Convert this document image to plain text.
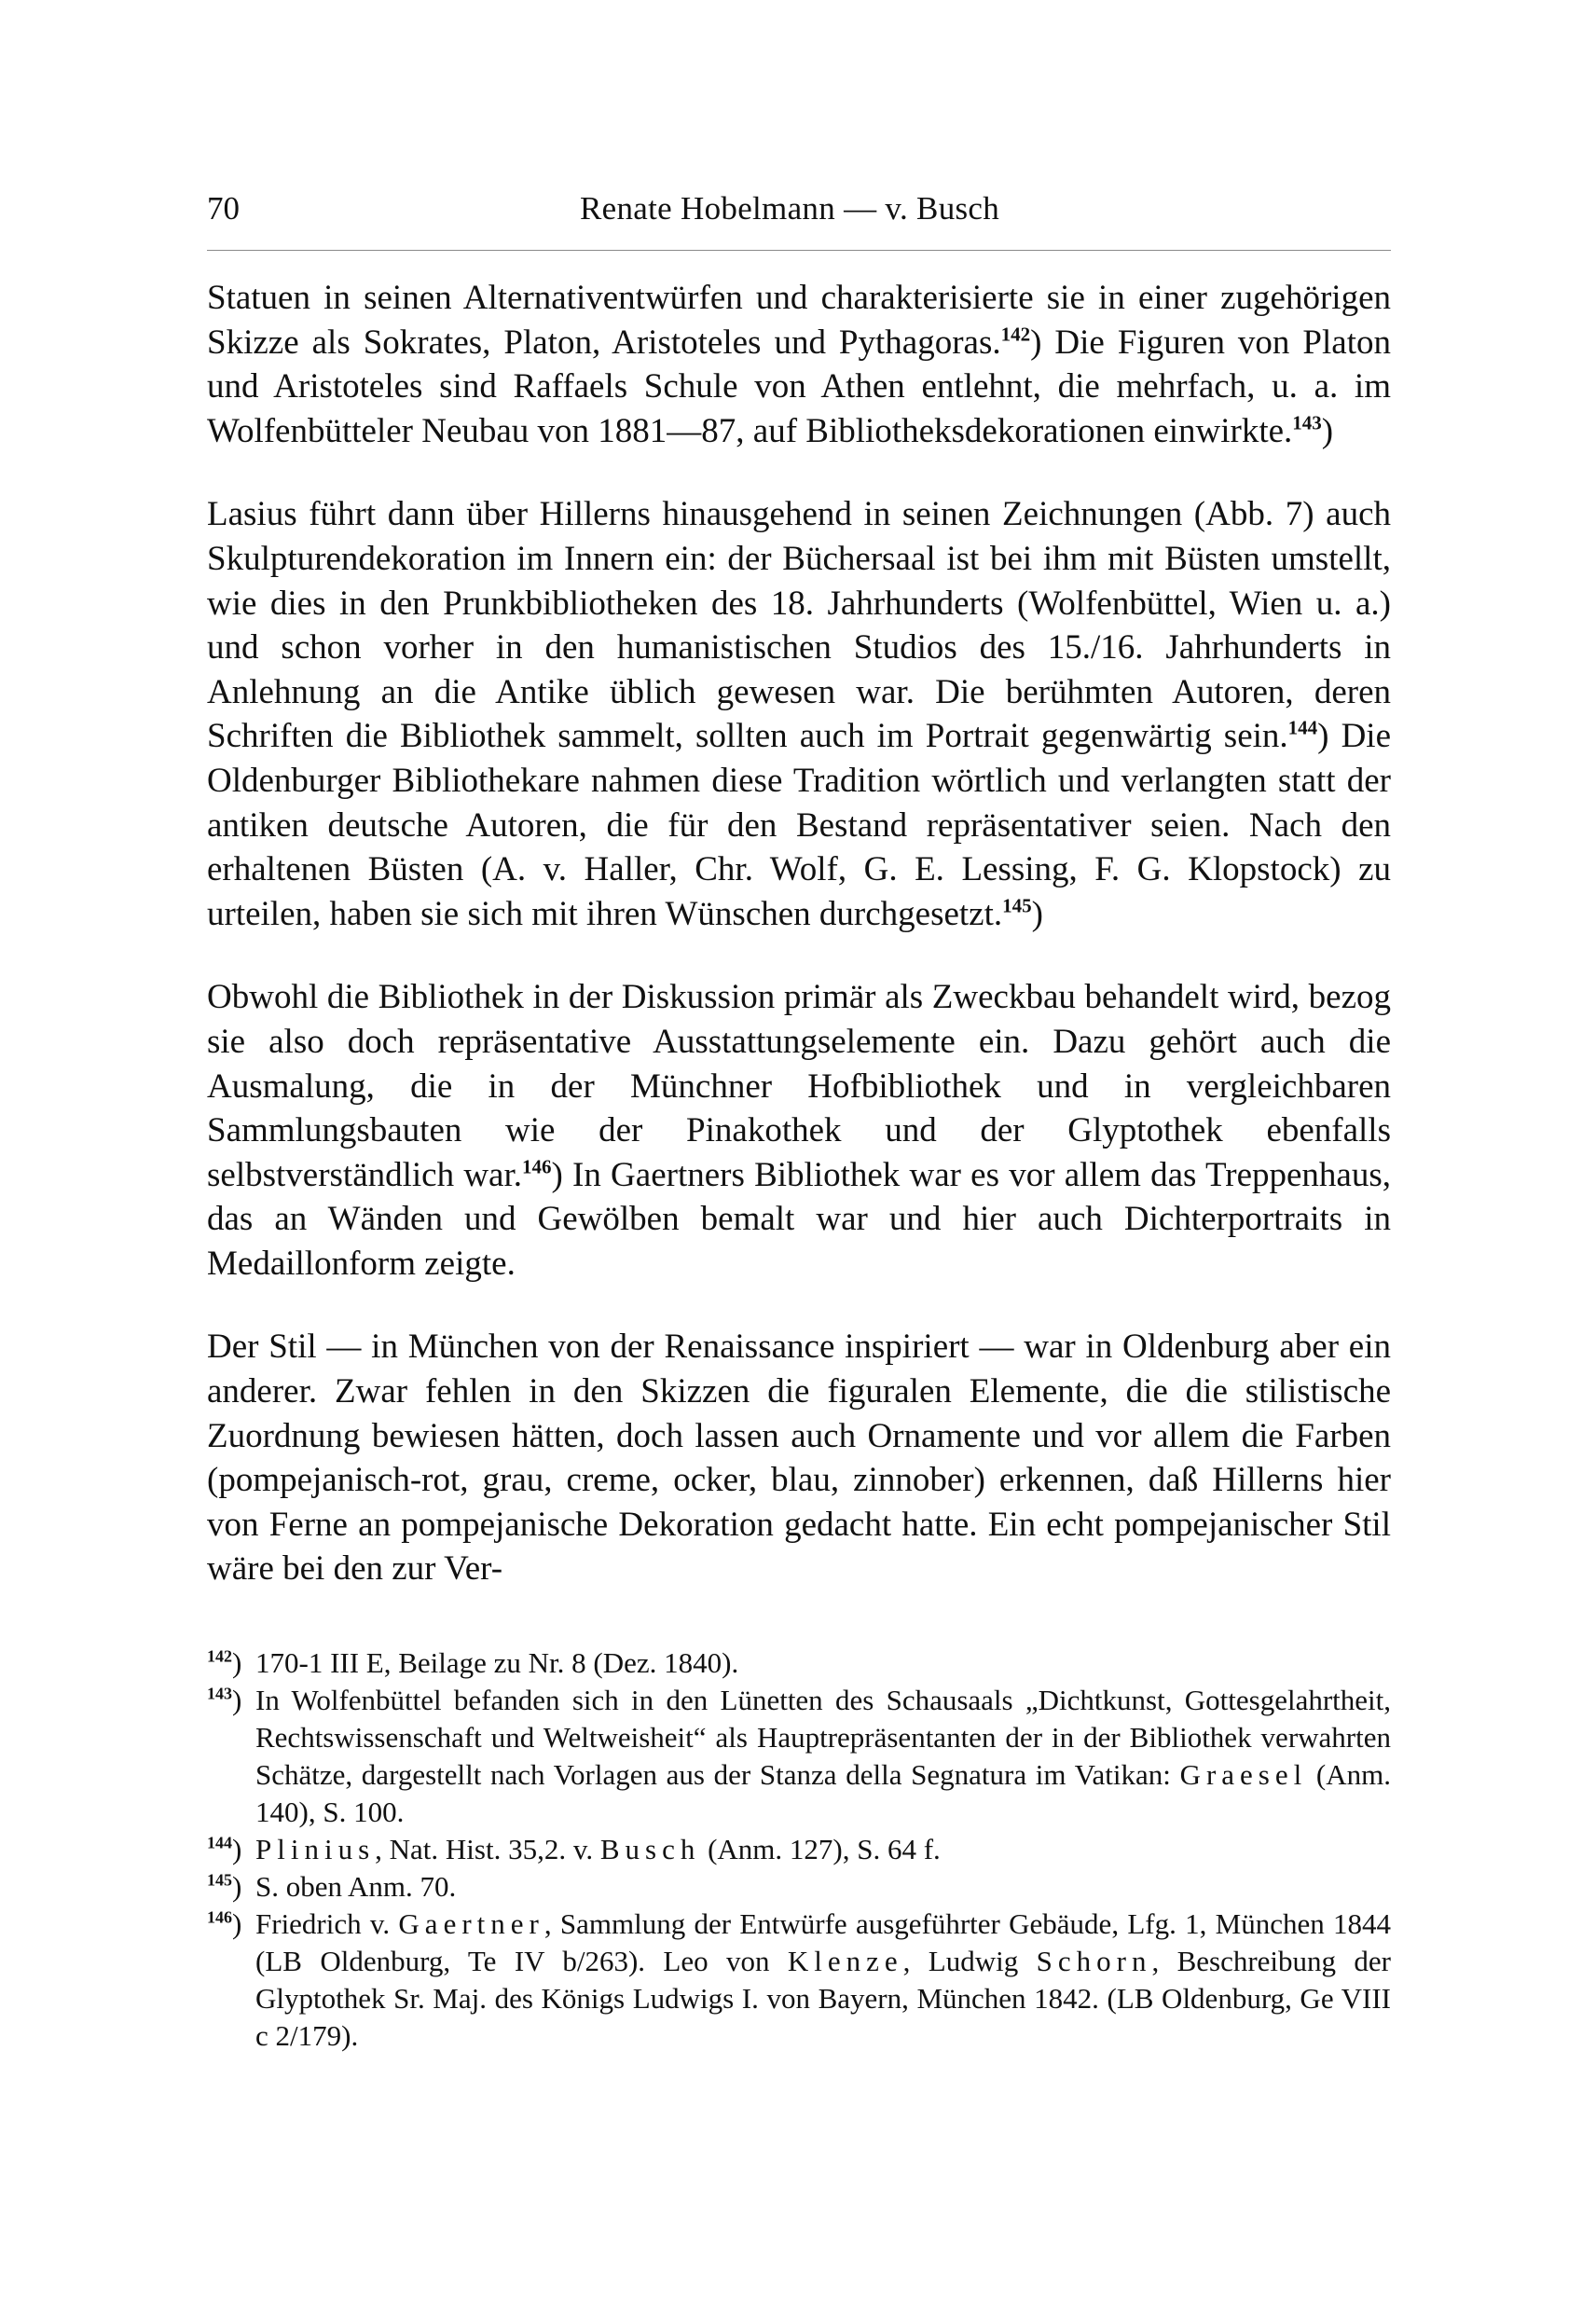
70	Renate Hobelmann — v. Busch

Statuen in seinen Alternativentwürfen und charakterisierte sie in einer zugehörigen Skizze als Sokrates, Platon, Aristoteles und Pythagoras.$^{142}$) Die Figuren von Platon und Aristoteles sind Raffaels Schule von Athen entlehnt, die mehrfach, u. a. im Wolfenbütteler Neubau von 1881—87, auf Bibliotheksdekorationen einwirkte.$^{143}$)

Lasius führt dann über Hillerns hinausgehend in seinen Zeichnungen (Abb. 7) auch Skulpturendekoration im Innern ein: der Büchersaal ist bei ihm mit Büsten umstellt, wie dies in den Prunkbibliotheken des 18. Jahrhunderts (Wolfenbüttel, Wien u. a.) und schon vorher in den humanistischen Studios des 15./16. Jahrhunderts in Anlehnung an die Antike üblich gewesen war. Die berühmten Autoren, deren Schriften die Bibliothek sammelt, sollten auch im Portrait gegenwärtig sein.$^{144}$) Die Oldenburger Bibliothekare nahmen diese Tradition wörtlich und verlangten statt der antiken deutsche Autoren, die für den Bestand repräsentativer seien. Nach den erhaltenen Büsten (A. v. Haller, Chr. Wolf, G. E. Lessing, F. G. Klopstock) zu urteilen, haben sie sich mit ihren Wünschen durchgesetzt.$^{145}$)

Obwohl die Bibliothek in der Diskussion primär als Zweckbau behandelt wird, bezog sie also doch repräsentative Ausstattungselemente ein. Dazu gehört auch die Ausmalung, die in der Münchner Hofbibliothek und in vergleichbaren Sammlungsbauten wie der Pinakothek und der Glyptothek ebenfalls selbstverständlich war.$^{146}$) In Gaertners Bibliothek war es vor allem das Treppenhaus, das an Wänden und Gewölben bemalt war und hier auch Dichterportraits in Medaillonform zeigte.

Der Stil — in München von der Renaissance inspiriert — war in Oldenburg aber ein anderer. Zwar fehlen in den Skizzen die figuralen Elemente, die die stilistische Zuordnung bewiesen hätten, doch lassen auch Ornamente und vor allem die Farben (pompejanisch-rot, grau, creme, ocker, blau, zinnober) erkennen, daß Hillerns hier von Ferne an pompejanische Dekoration gedacht hatte. Ein echt pompejanischer Stil wäre bei den zur Ver-

$^{142}$) 170-1 III E, Beilage zu Nr. 8 (Dez. 1840).

$^{143}$) In Wolfenbüttel befanden sich in den Lünetten des Schausaals „Dichtkunst, Gottesgelahrtheit, Rechtswissenschaft und Weltweisheit“ als Hauptrepräsentanten der in der Bibliothek verwahrten Schätze, dargestellt nach Vorlagen aus der Stanza della Segnatura im Vatikan: Graesel (Anm. 140), S. 100.

$^{144}$) Plinius, Nat. Hist. 35,2. v. Busch (Anm. 127), S. 64 f.

$^{145}$) S. oben Anm. 70.

$^{146}$) Friedrich v. Gaertner, Sammlung der Entwürfe ausgeführter Gebäude, Lfg. 1, München 1844 (LB Oldenburg, Te IV b/263). Leo von Klenze, Ludwig Schorn, Beschreibung der Glyptothek Sr. Maj. des Königs Ludwigs I. von Bayern, München 1842. (LB Oldenburg, Ge VIII c 2/179).
